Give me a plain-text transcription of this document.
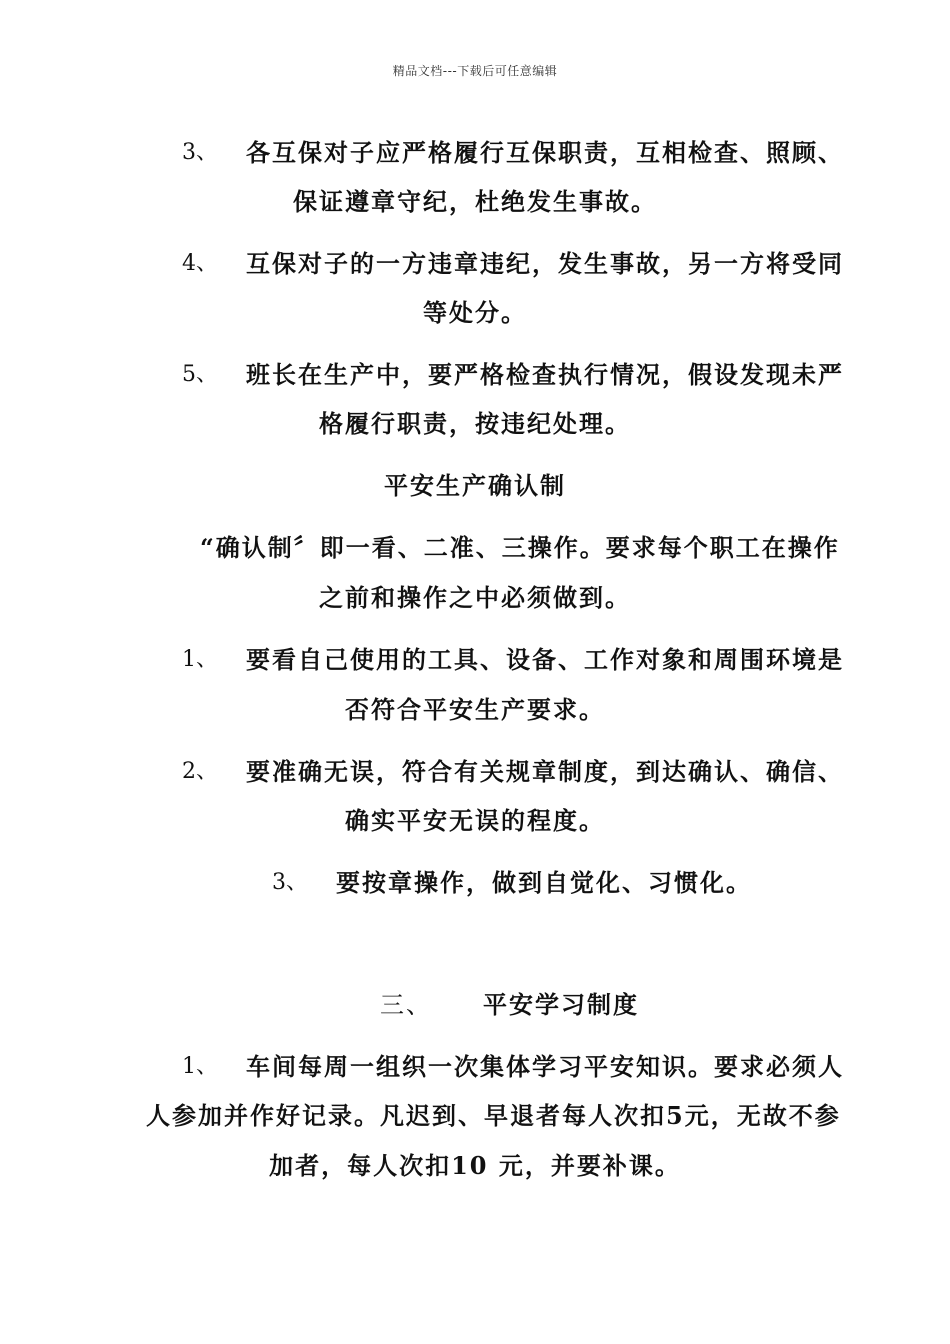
精品文档---下载后可任意编辑
3、 各互保对子应严格履行互保职责，互相检查、照顾、
保证遵章守纪，杜绝发生事故。
4、 互保对子的一方违章违纪，发生事故，另一方将受同
等处分。
5、 班长在生产中，要严格检查执行情况，假设发现未严
格履行职责，按违纪处理。
平安生产确认制
“确认制〞即一看、二准、三操作。要求每个职工在操作
之前和操作之中必须做到。
1、 要看自己使用的工具、设备、工作对象和周围环境是
否符合平安生产要求。
2、 要准确无误，符合有关规章制度，到达确认、确信、
确实平安无误的程度。
3、 要按章操作，做到自觉化、习惯化。
三、 平安学习制度
1、 车间每周一组织一次集体学习平安知识。要求必须人
人参加并作好记录。凡迟到、早退者每人次扣5元，无故不参
加者，每人次扣10 元，并要补课。
